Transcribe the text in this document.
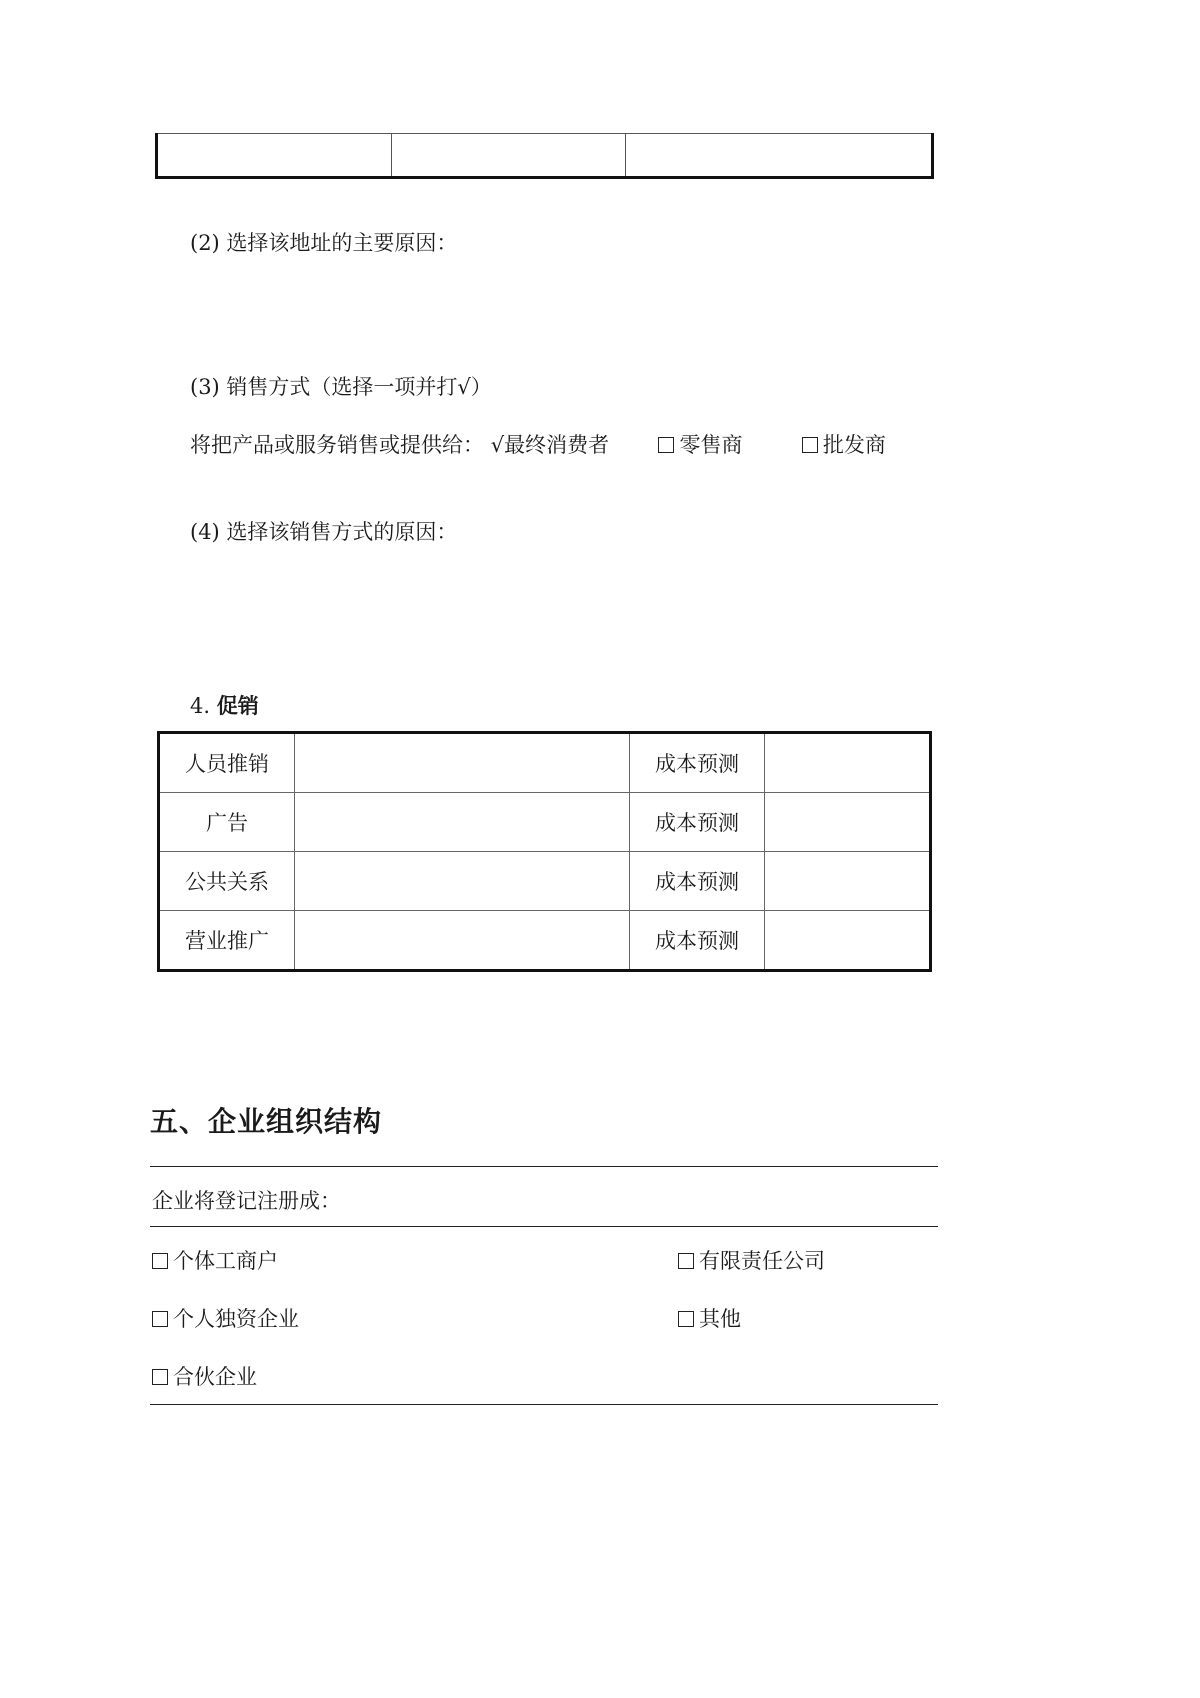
(2) 选择该地址的主要原因：
(3) 销售方式（选择一项并打√）
将把产品或服务销售或提供给： √最终消费者	零售商	批发商
(4) 选择该销售方式的原因：
4. 促销
人员推销		成本预测	
广告		成本预测	
公共关系		成本预测	
营业推广		成本预测	
五、企业组织结构
企业将登记注册成：
个体工商户	有限责任公司
个人独资企业	其他
合伙企业
